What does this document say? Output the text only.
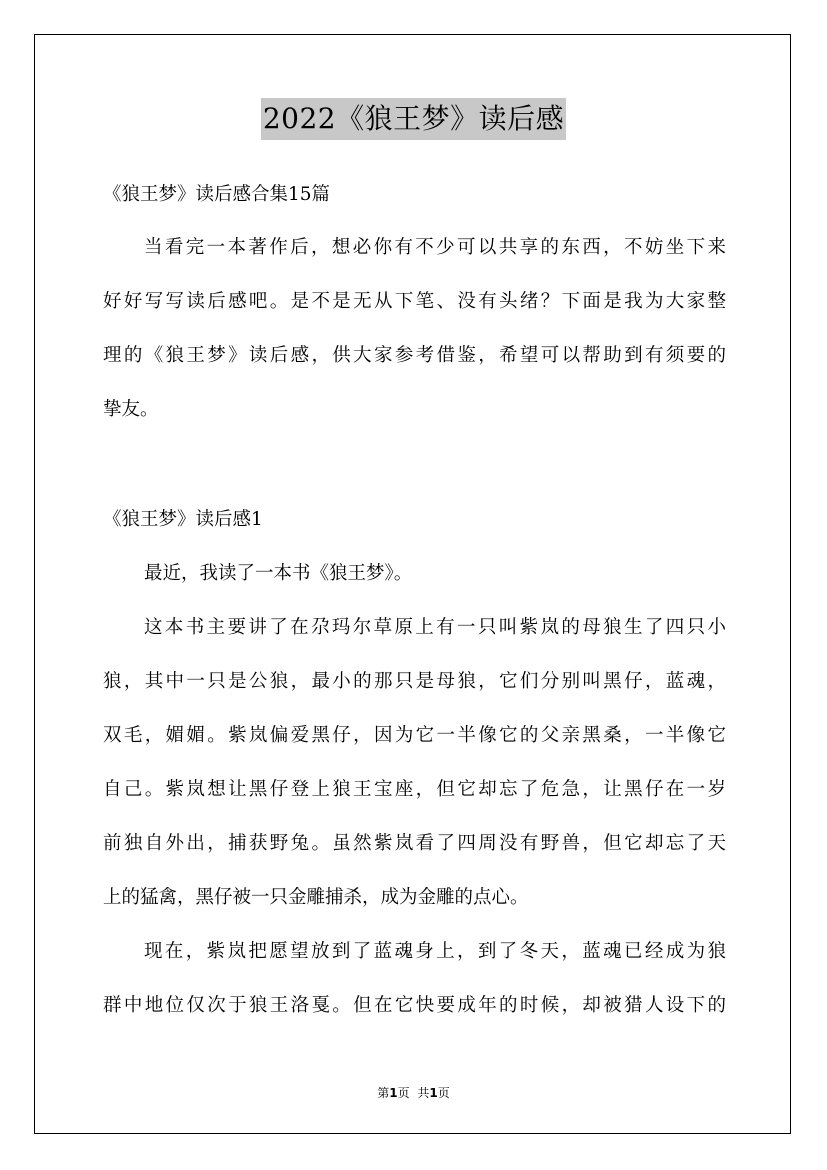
2022《狼王梦》读后感
《狼王梦》读后感合集15篇
当看完一本著作后，想必你有不少可以共享的东西，不妨坐下来
好好写写读后感吧。是不是无从下笔、没有头绪？下面是我为大家整
理的《狼王梦》读后感，供大家参考借鉴，希望可以帮助到有须要的
挚友。
《狼王梦》读后感1
最近，我读了一本书《狼王梦》。
这本书主要讲了在尕玛尔草原上有一只叫紫岚的母狼生了四只小
狼，其中一只是公狼，最小的那只是母狼，它们分别叫黑仔，蓝魂，
双毛，媚媚。紫岚偏爱黑仔，因为它一半像它的父亲黑桑，一半像它
自己。紫岚想让黑仔登上狼王宝座，但它却忘了危急，让黑仔在一岁
前独自外出，捕获野兔。虽然紫岚看了四周没有野兽，但它却忘了天
上的猛禽，黑仔被一只金雕捕杀，成为金雕的点心。
现在，紫岚把愿望放到了蓝魂身上，到了冬天，蓝魂已经成为狼
群中地位仅次于狼王洛戛。但在它快要成年的时候，却被猎人设下的
第1页 共1页
